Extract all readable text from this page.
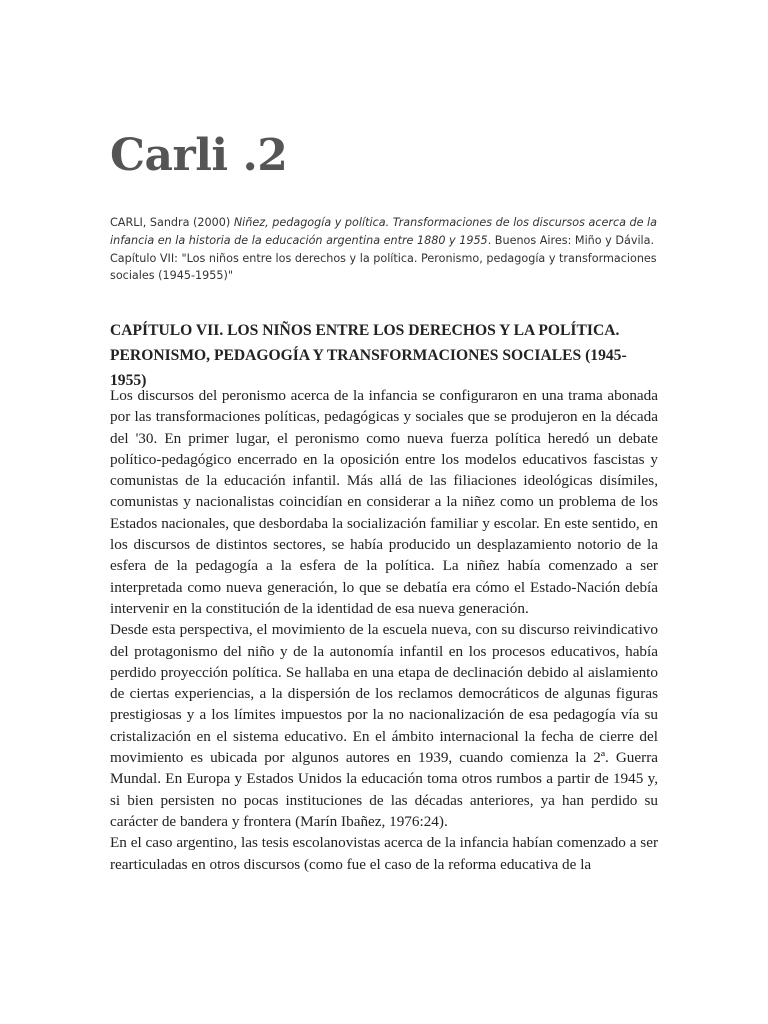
Carli .2
CARLI, Sandra (2000) Niñez, pedagogía y política. Transformaciones de los discursos acerca de la infancia en la historia de la educación argentina entre 1880 y 1955. Buenos Aires: Miño y Dávila.
Capítulo VII: "Los niños entre los derechos y la política. Peronismo, pedagogía y transformaciones sociales (1945-1955)"
CAPÍTULO VII. LOS NIÑOS ENTRE LOS DERECHOS Y LA POLÍTICA. PERONISMO, PEDAGOGÍA Y TRANSFORMACIONES SOCIALES (1945-1955)

Los discursos del peronismo acerca de la infancia se configuraron en una trama abonada por las transformaciones políticas, pedagógicas y sociales que se produjeron en la década del '30. En primer lugar, el peronismo como nueva fuerza política heredó un debate político-pedagógico encerrado en la oposición entre los modelos educativos fascistas y comunistas de la educación infantil. Más allá de las filiaciones ideológicas disímiles, comunistas y nacionalistas coincidían en considerar a la niñez como un problema de los Estados nacionales, que desbordaba la socialización familiar y escolar. En este sentido, en los discursos de distintos sectores, se había producido un desplazamiento notorio de la esfera de la pedagogía a la esfera de la política. La niñez había comenzado a ser interpretada como nueva generación, lo que se debatía era cómo el Estado-Nación debía intervenir en la constitución de la identidad de esa nueva generación.

Desde esta perspectiva, el movimiento de la escuela nueva, con su discurso reivindicativo del protagonismo del niño y de la autonomía infantil en los procesos educativos, había perdido proyección política. Se hallaba en una etapa de declinación debido al aislamiento de ciertas experiencias, a la dispersión de los reclamos democráticos de algunas figuras prestigiosas y a los límites impuestos por la no nacionalización de esa pedagogía vía su cristalización en el sistema educativo. En el ámbito internacional la fecha de cierre del movimiento es ubicada por algunos autores en 1939, cuando comienza la 2ª. Guerra Mundal. En Europa y Estados Unidos la educación toma otros rumbos a partir de 1945 y, si bien persisten no pocas instituciones de las décadas anteriores, ya han perdido su carácter de bandera y frontera (Marín Ibañez, 1976:24).

En el caso argentino, las tesis escolanovistas acerca de la infancia habían comenzado a ser rearticuladas en otros discursos (como fue el caso de la reforma educativa de la
